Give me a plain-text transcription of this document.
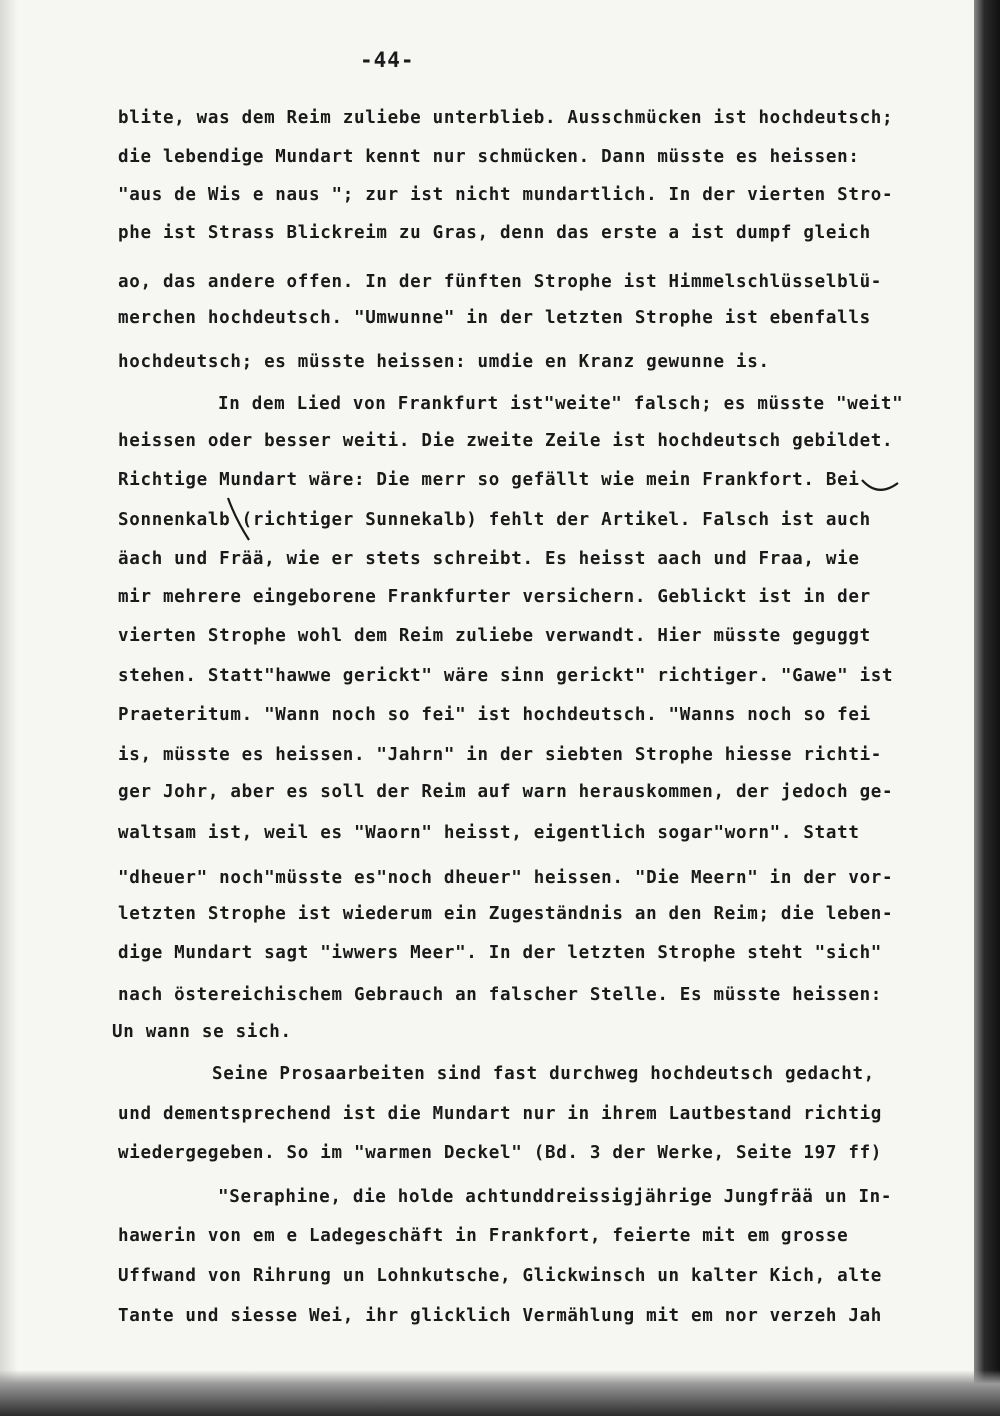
-44-
blite, was dem Reim zuliebe unterblieb. Ausschmücken ist hochdeutsch;
die lebendige Mundart kennt nur schmücken. Dann müsste es heissen:
"aus de Wis e naus "; zur ist nicht mundartlich. In der vierten Stro-
phe ist Strass Blickreim zu Gras, denn das erste a ist dumpf gleich
ao, das andere offen. In der fünften Strophe ist Himmelschlüsselblü-
merchen hochdeutsch. "Umwunne" in der letzten Strophe ist ebenfalls
hochdeutsch; es müsste heissen: umdie en Kranz gewunne is.
In dem Lied von Frankfurt ist"weite" falsch; es müsste "weit"
heissen oder besser weiti. Die zweite Zeile ist hochdeutsch gebildet.
Richtige Mundart wäre: Die merr so gefällt wie mein Frankfort. Bei
Sonnenkalb (richtiger Sunnekalb) fehlt der Artikel. Falsch ist auch
äach und Frää, wie er stets schreibt. Es heisst aach und Fraa, wie
mir mehrere eingeborene Frankfurter versichern. Geblickt ist in der
vierten Strophe wohl dem Reim zuliebe verwandt. Hier müsste geguggt
stehen. Statt"hawwe gerickt" wäre sinn gerickt" richtiger. "Gawe" ist
Praeteritum. "Wann noch so fei" ist hochdeutsch. "Wanns noch so fei
is, müsste es heissen. "Jahrn" in der siebten Strophe hiesse richti-
ger Johr, aber es soll der Reim auf warn herauskommen, der jedoch ge-
waltsam ist, weil es "Waorn" heisst, eigentlich sogar"worn". Statt
"dheuer" noch"müsste es"noch dheuer" heissen. "Die Meern" in der vor-
letzten Strophe ist wiederum ein Zugeständnis an den Reim; die leben-
dige Mundart sagt "iwwers Meer". In der letzten Strophe steht "sich"
nach östereichischem Gebrauch an falscher Stelle. Es müsste heissen:
Un wann se sich.
Seine Prosaarbeiten sind fast durchweg hochdeutsch gedacht,
und dementsprechend ist die Mundart nur in ihrem Lautbestand richtig
wiedergegeben. So im "warmen Deckel" (Bd. 3 der Werke, Seite 197 ff)
"Seraphine, die holde achtunddreissigjährige Jungfrää un In-
hawerin von em e Ladegeschäft in Frankfort, feierte mit em grosse
Uffwand von Rihrung un Lohnkutsche, Glickwinsch un kalter Kich, alte
Tante und siesse Wei, ihr glicklich Vermählung mit em nor verzeh Jah
